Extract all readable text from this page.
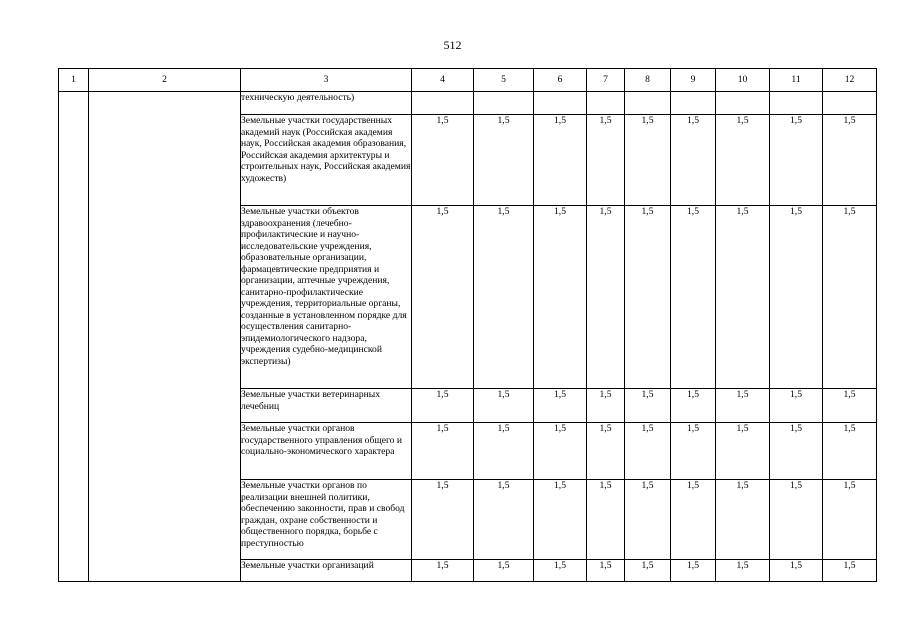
512
1	2	3	4	5	6	7	8	9	10	11	12
		техническую деятельность)									
		Земельные участки государственных академий наук (Российская академия наук, Российская академия образования, Российская академия архитектуры и строительных наук, Российская академия художеств)	1,5	1,5	1,5	1,5	1,5	1,5	1,5	1,5	1,5
		Земельные участки объектов здравоохранения (лечебно-профилактические и научно-исследовательские учреждения, образовательные организации, фармацевтические предприятия и организации, аптечные учреждения, санитарно-профилактические учреждения, территориальные органы, созданные в установленном порядке для осуществления санитарно-эпидемиологического надзора, учреждения судебно-медицинской экспертизы)	1,5	1,5	1,5	1,5	1,5	1,5	1,5	1,5	1,5
		Земельные участки ветеринарных лечебниц	1,5	1,5	1,5	1,5	1,5	1,5	1,5	1,5	1,5
		Земельные участки органов государственного управления общего и социально-экономического характера	1,5	1,5	1,5	1,5	1,5	1,5	1,5	1,5	1,5
		Земельные участки органов по реализации внешней политики, обеспечению законности, прав и свобод граждан, охране собственности и общественного порядка, борьбе с преступностью	1,5	1,5	1,5	1,5	1,5	1,5	1,5	1,5	1,5
		Земельные участки организаций	1,5	1,5	1,5	1,5	1,5	1,5	1,5	1,5	1,5
